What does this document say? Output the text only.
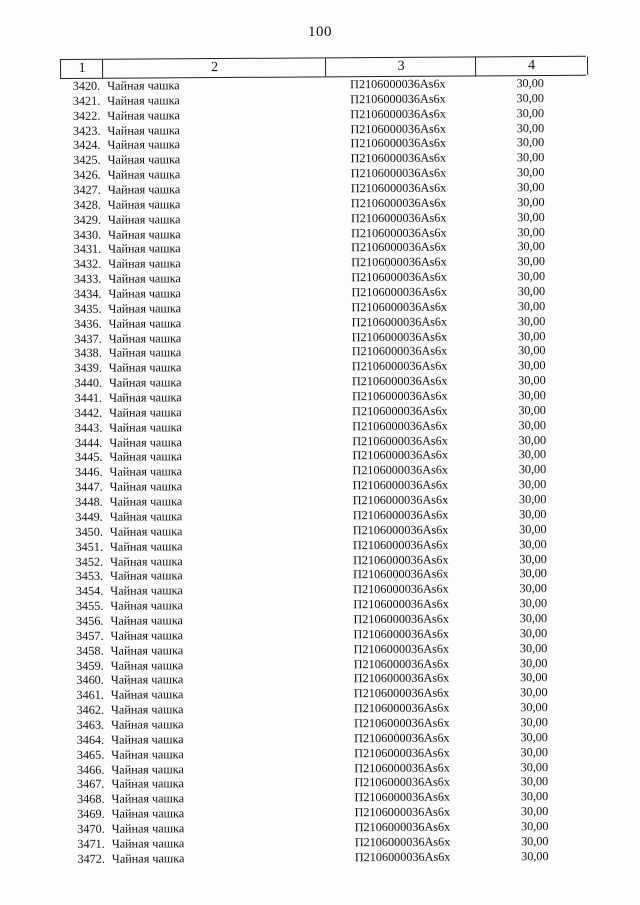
100
1	2	3	4
3420. Чайная чашка	П2106000036Аs6х	30,00
3421. Чайная чашка	П2106000036Аs6х	30,00
3422. Чайная чашка	П2106000036Аs6х	30,00
3423. Чайная чашка	П2106000036Аs6х	30,00
3424. Чайная чашка	П2106000036Аs6х	30,00
3425. Чайная чашка	П2106000036Аs6х	30,00
3426. Чайная чашка	П2106000036Аs6х	30,00
3427. Чайная чашка	П2106000036Аs6х	30,00
3428. Чайная чашка	П2106000036Аs6х	30,00
3429. Чайная чашка	П2106000036Аs6х	30,00
3430. Чайная чашка	П2106000036Аs6х	30,00
3431. Чайная чашка	П2106000036Аs6х	30,00
3432. Чайная чашка	П2106000036Аs6х	30,00
3433. Чайная чашка	П2106000036Аs6х	30,00
3434. Чайная чашка	П2106000036Аs6х	30,00
3435. Чайная чашка	П2106000036Аs6х	30,00
3436. Чайная чашка	П2106000036Аs6х	30,00
3437. Чайная чашка	П2106000036Аs6х	30,00
3438. Чайная чашка	П2106000036Аs6х	30,00
3439. Чайная чашка	П2106000036Аs6х	30,00
3440. Чайная чашка	П2106000036Аs6х	30,00
3441. Чайная чашка	П2106000036Аs6х	30,00
3442. Чайная чашка	П2106000036Аs6х	30,00
3443. Чайная чашка	П2106000036Аs6х	30,00
3444. Чайная чашка	П2106000036Аs6х	30,00
3445. Чайная чашка	П2106000036Аs6х	30,00
3446. Чайная чашка	П2106000036Аs6х	30,00
3447. Чайная чашка	П2106000036Аs6х	30,00
3448. Чайная чашка	П2106000036Аs6х	30,00
3449. Чайная чашка	П2106000036Аs6х	30,00
3450. Чайная чашка	П2106000036Аs6х	30,00
3451. Чайная чашка	П2106000036Аs6х	30,00
3452. Чайная чашка	П2106000036Аs6х	30,00
3453. Чайная чашка	П2106000036Аs6х	30,00
3454. Чайная чашка	П2106000036Аs6х	30,00
3455. Чайная чашка	П2106000036Аs6х	30,00
3456. Чайная чашка	П2106000036Аs6х	30,00
3457. Чайная чашка	П2106000036Аs6х	30,00
3458. Чайная чашка	П2106000036Аs6х	30,00
3459. Чайная чашка	П2106000036Аs6х	30,00
3460. Чайная чашка	П2106000036Аs6х	30,00
3461. Чайная чашка	П2106000036Аs6х	30,00
3462. Чайная чашка	П2106000036Аs6х	30,00
3463. Чайная чашка	П2106000036Аs6х	30,00
3464. Чайная чашка	П2106000036Аs6х	30,00
3465. Чайная чашка	П2106000036Аs6х	30,00
3466. Чайная чашка	П2106000036Аs6х	30,00
3467. Чайная чашка	П2106000036Аs6х	30,00
3468. Чайная чашка	П2106000036Аs6х	30,00
3469. Чайная чашка	П2106000036Аs6х	30,00
3470. Чайная чашка	П2106000036Аs6х	30,00
3471. Чайная чашка	П2106000036Аs6х	30,00
3472. Чайная чашка	П2106000036Аs6х	30,00
